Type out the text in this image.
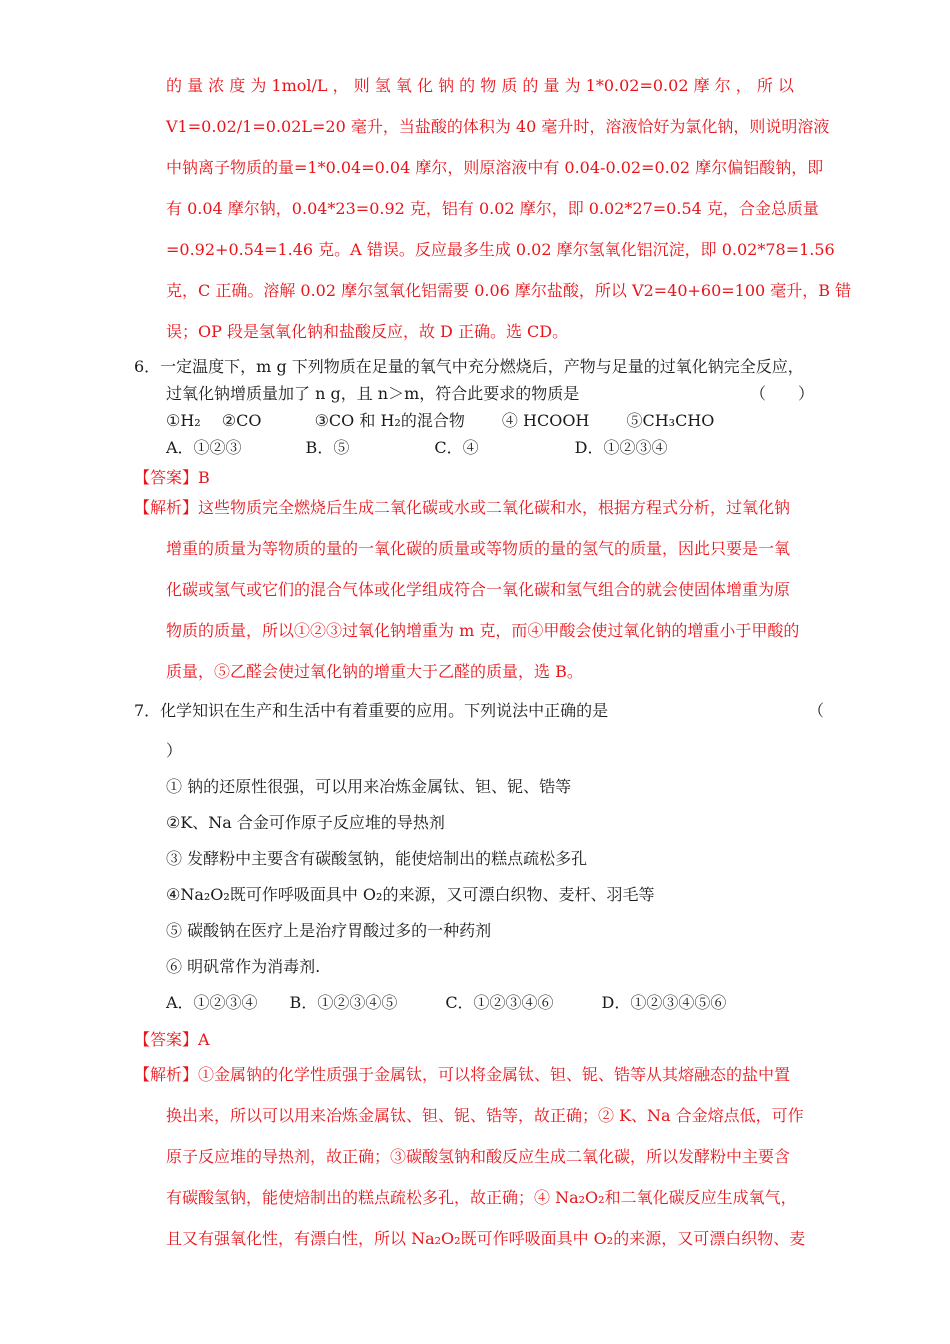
的 量 浓 度 为 1mol/L ， 则 氢 氧 化 钠 的 物 质 的 量 为 1*0.02=0.02 摩 尔 ， 所 以
V1=0.02/1=0.02L=20 毫升，当盐酸的体积为 40 毫升时，溶液恰好为氯化钠，则说明溶液
中钠离子物质的量=1*0.04=0.04 摩尔，则原溶液中有 0.04-0.02=0.02 摩尔偏铝酸钠，即
有 0.04 摩尔钠，0.04*23=0.92 克，铝有 0.02 摩尔，即 0.02*27=0.54 克，合金总质量
=0.92+0.54=1.46 克。A 错误。反应最多生成 0.02 摩尔氢氧化铝沉淀，即 0.02*78=1.56
克，C 正确。溶解 0.02 摩尔氢氧化铝需要 0.06 摩尔盐酸，所以 V2=40+60=100 毫升，B 错
误；OP 段是氢氧化钠和盐酸反应，故 D 正确。选 CD。
6．一定温度下，m g 下列物质在足量的氧气中充分燃烧后，产物与足量的过氧化钠完全反应，
过氧化钠增质量加了 n g，且 n＞m，符合此要求的物质是	（　　）
①H₂　 ②CO　　　 ③CO 和 H₂的混合物　　 ④ HCOOH　　 ⑤CH₃CHO
A．①②③　　　　B．⑤　　　　　 C．④　　　　　　D．①②③④
【答案】B
【解析】这些物质完全燃烧后生成二氧化碳或水或二氧化碳和水，根据方程式分析，过氧化钠
增重的质量为等物质的量的一氧化碳的质量或等物质的量的氢气的质量，因此只要是一氧
化碳或氢气或它们的混合气体或化学组成符合一氧化碳和氢气组合的就会使固体增重为原
物质的质量，所以①②③过氧化钠增重为 m 克，而④甲酸会使过氧化钠的增重小于甲酸的
质量，⑤乙醛会使过氧化钠的增重大于乙醛的质量，选 B。
7．化学知识在生产和生活中有着重要的应用。下列说法中正确的是	（
）
① 钠的还原性很强，可以用来冶炼金属钛、钽、铌、锆等
②K、Na 合金可作原子反应堆的导热剂
③ 发酵粉中主要含有碳酸氢钠，能使焙制出的糕点疏松多孔
④Na₂O₂既可作呼吸面具中 O₂的来源，又可漂白织物、麦杆、羽毛等
⑤ 碳酸钠在医疗上是治疗胃酸过多的一种药剂
⑥ 明矾常作为消毒剂.
A．①②③④　　B．①②③④⑤　　　C．①②③④⑥　　　D．①②③④⑤⑥
【答案】A
【解析】①金属钠的化学性质强于金属钛，可以将金属钛、钽、铌、锆等从其熔融态的盐中置
换出来，所以可以用来冶炼金属钛、钽、铌、锆等，故正确；② K、Na 合金熔点低，可作
原子反应堆的导热剂，故正确；③碳酸氢钠和酸反应生成二氧化碳，所以发酵粉中主要含
有碳酸氢钠，能使焙制出的糕点疏松多孔，故正确；④ Na₂O₂和二氧化碳反应生成氧气，
且又有强氧化性，有漂白性，所以 Na₂O₂既可作呼吸面具中 O₂的来源，又可漂白织物、麦
